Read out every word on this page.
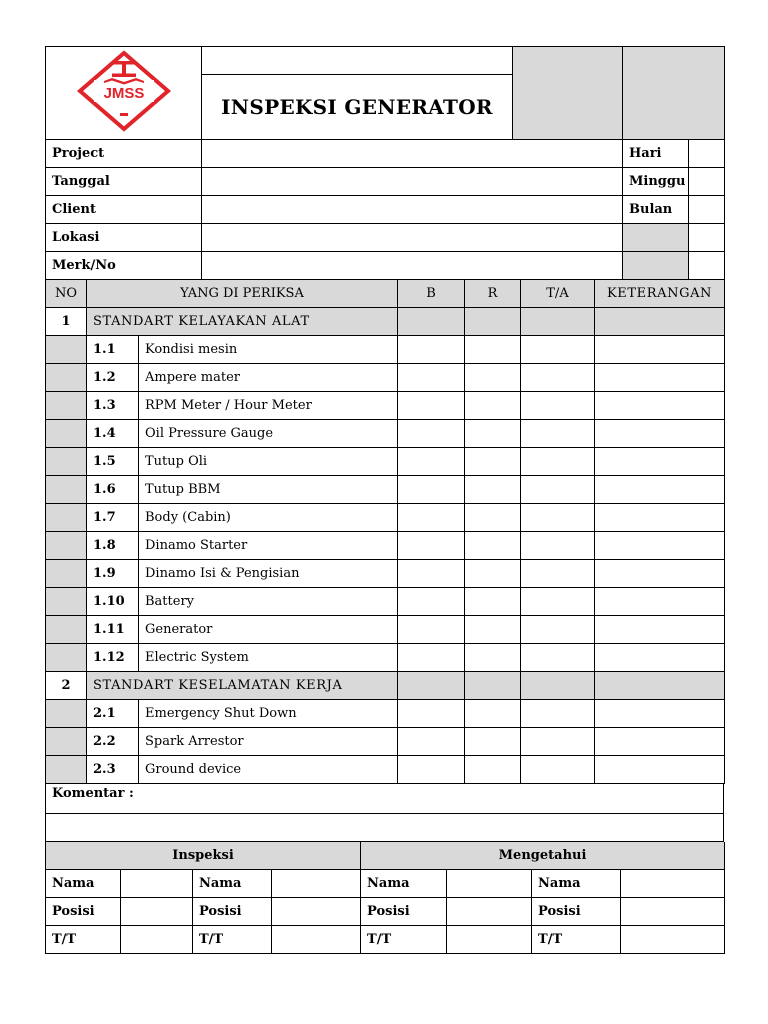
JMSS

INSPEKSI GENERATOR
Project		Hari	
Tanggal		Minggu	
Client		Bulan	
Lokasi			
Merk/No			
NO	YANG DI PERIKSA		B	R	T/A	KETERANGAN
1	STANDART KELAYAKAN ALAT					
	1.1	Kondisi mesin				
	1.2	Ampere mater				
	1.3	RPM Meter / Hour Meter				
	1.4	Oil Pressure Gauge				
	1.5	Tutup Oli				
	1.6	Tutup BBM				
	1.7	Body (Cabin)				
	1.8	Dinamo Starter				
	1.9	Dinamo Isi & Pengisian				
	1.10	Battery				
	1.11	Generator				
	1.12	Electric System				
2	STANDART KESELAMATAN KERJA					
	2.1	Emergency Shut Down				
	2.2	Spark Arrestor				
	2.3	Ground device				
Komentar :

Inspeksi				Mengetahui			
Nama		Nama		Nama		Nama	
Posisi		Posisi		Posisi		Posisi	
T/T		T/T		T/T		T/T	
